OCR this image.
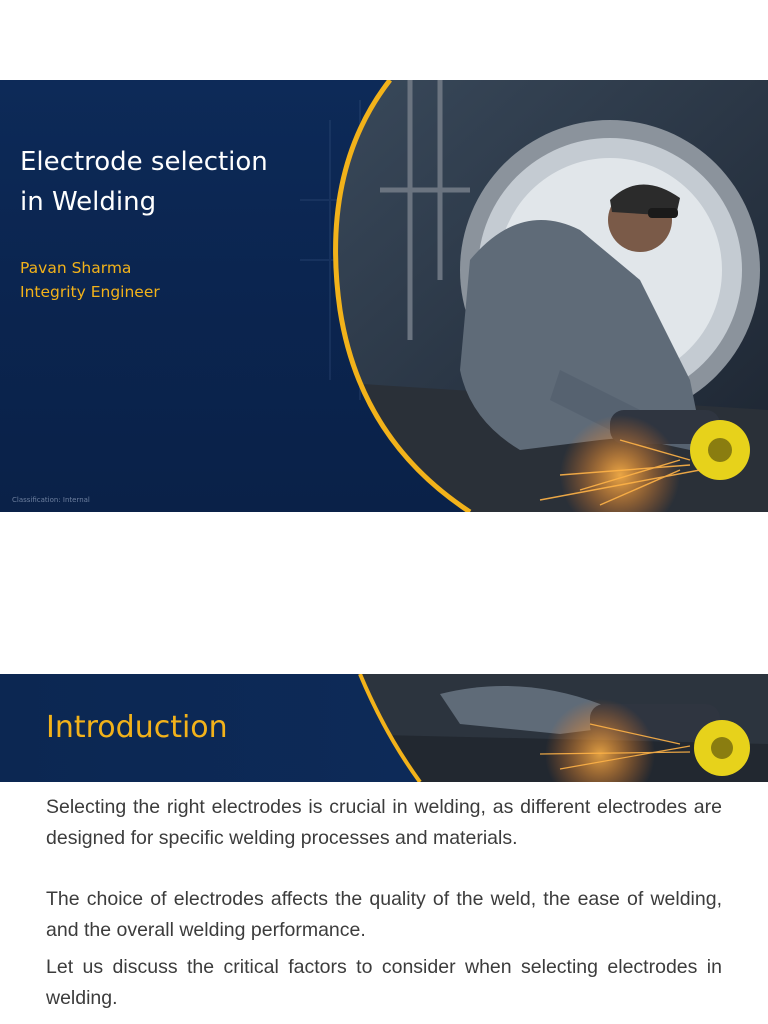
Electrode selection
in Welding
Pavan Sharma
Integrity Engineer
Classification: Internal
Introduction

Selecting the right electrodes is crucial in welding, as different electrodes are designed for specific welding processes and materials.

The choice of electrodes affects the quality of the weld, the ease of welding, and the overall welding performance.

Let us discuss the critical factors to consider when selecting electrodes in welding.
